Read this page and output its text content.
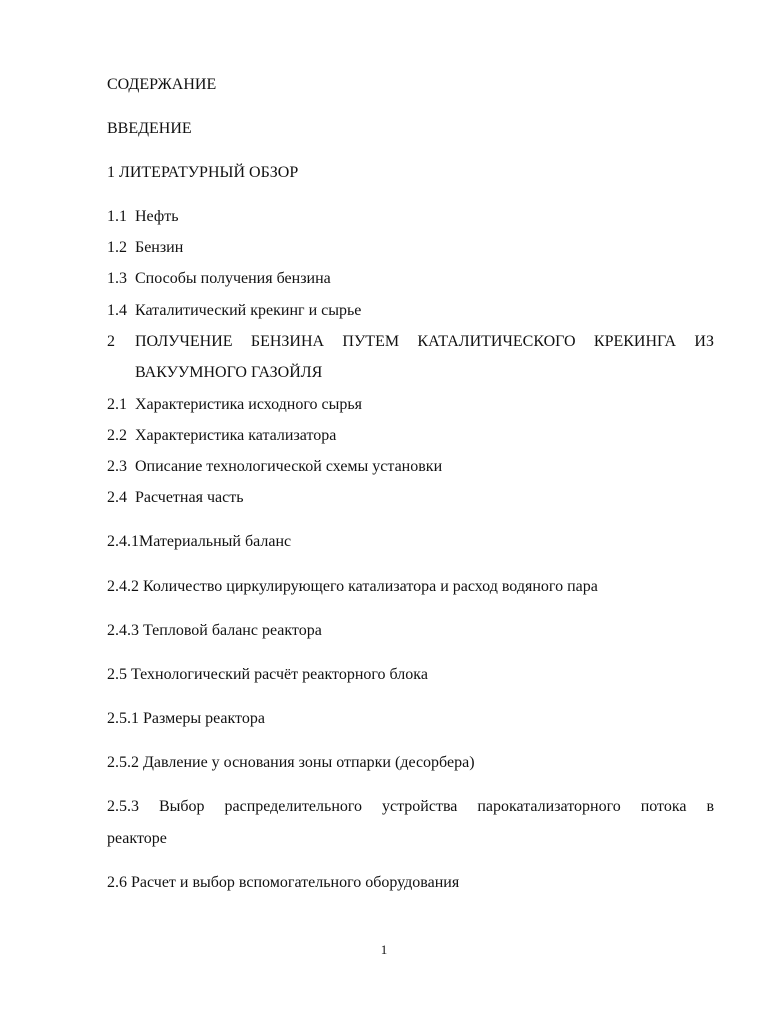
СОДЕРЖАНИЕ
ВВЕДЕНИЕ
1 ЛИТЕРАТУРНЫЙ ОБЗОР
1.1 Нефть
1.2 Бензин
1.3 Способы получения бензина
1.4 Каталитический крекинг и сырье
2	ПОЛУЧЕНИЕ БЕНЗИНА ПУТЕМ КАТАЛИТИЧЕСКОГО КРЕКИНГА ИЗ
ВАКУУМНОГО ГАЗОЙЛЯ
2.1 Характеристика исходного сырья
2.2 Характеристика катализатора
2.3 Описание технологической схемы установки
2.4 Расчетная часть
2.4.1Материальный баланс
2.4.2 Количество циркулирующего катализатора и расход водяного пара
2.4.3 Тепловой баланс реактора
2.5 Технологический расчёт реакторного блока
2.5.1 Размеры реактора
2.5.2 Давление у основания зоны отпарки (десорбера)
2.5.3 Выбор распределительного устройства парокатализаторного потока в
реакторе
2.6 Расчет и выбор вспомогательного оборудования
1
